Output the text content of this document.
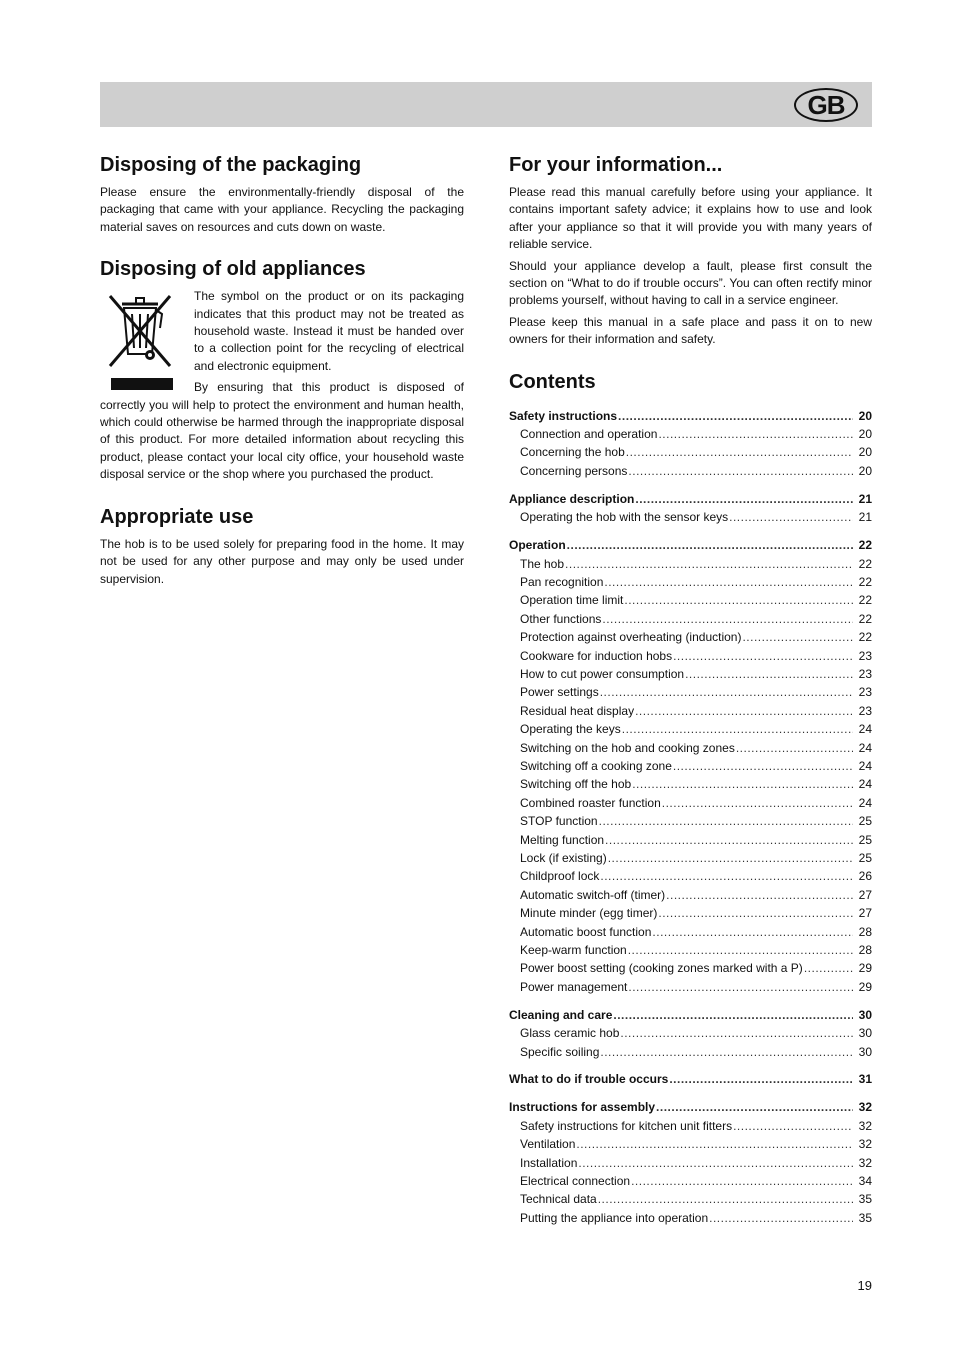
GB
Disposing of the packaging

Please ensure the environmentally-friendly disposal of the packaging that came with your appliance. Recycling the packaging material saves on resources and cuts down on waste.

Disposing of old appliances

The symbol on the product or on its packaging indicates that this product may not be treated as household waste. Instead it must be handed over to a collection point for the recycling of electrical and electronic equipment.

By ensuring that this product is disposed of correctly you will help to protect the environment and human health, which could otherwise be harmed through the inappropriate disposal of this product. For more detailed information about recycling this product, please contact your local city office, your household waste disposal service or the shop where you purchased the product.

Appropriate use

The hob is to be used solely for preparing food in the home. It may not be used for any other purpose and may only be used under supervision.

For your information...

Please read this manual carefully before using your appliance. It contains important safety advice; it explains how to use and look after your appliance so that it will provide you with many years of reliable service.

Should your appliance develop a fault, please first consult the section on “What to do if trouble occurs”. You can often rectify minor problems yourself, without having to call in a service engineer.

Please keep this manual in a safe place and pass it on to new owners for their information and safety.

Contents
Safety instructions .....	20
Connection and operation .....	20
Concerning the hob .....	20
Concerning persons .....	20
Appliance description .....	21
Operating the hob with the sensor keys .....	21
Operation .....	22
The hob .....	22
Pan recognition .....	22
Operation time limit .....	22
Other functions .....	22
Protection against overheating (induction) .....	22
Cookware for induction hobs .....	23
How to cut power consumption .....	23
Power settings .....	23
Residual heat display .....	23
Operating the keys .....	24
Switching on the hob and cooking zones .....	24
Switching off a cooking zone .....	24
Switching off the hob .....	24
Combined roaster function .....	24
STOP function .....	25
Melting function .....	25
Lock (if existing) .....	25
Childproof lock .....	26
Automatic switch-off (timer) .....	27
Minute minder (egg timer) .....	27
Automatic boost function .....	28
Keep-warm function .....	28
Power boost setting (cooking zones marked with a P) .....	29
Power management .....	29
Cleaning and care .....	30
Glass ceramic hob .....	30
Specific soiling .....	30
What to do if trouble occurs .....	31
Instructions for assembly .....	32
Safety instructions for kitchen unit fitters .....	32
Ventilation .....	32
Installation .....	32
Electrical connection .....	34
Technical data .....	35
Putting the appliance into operation .....	35
19
